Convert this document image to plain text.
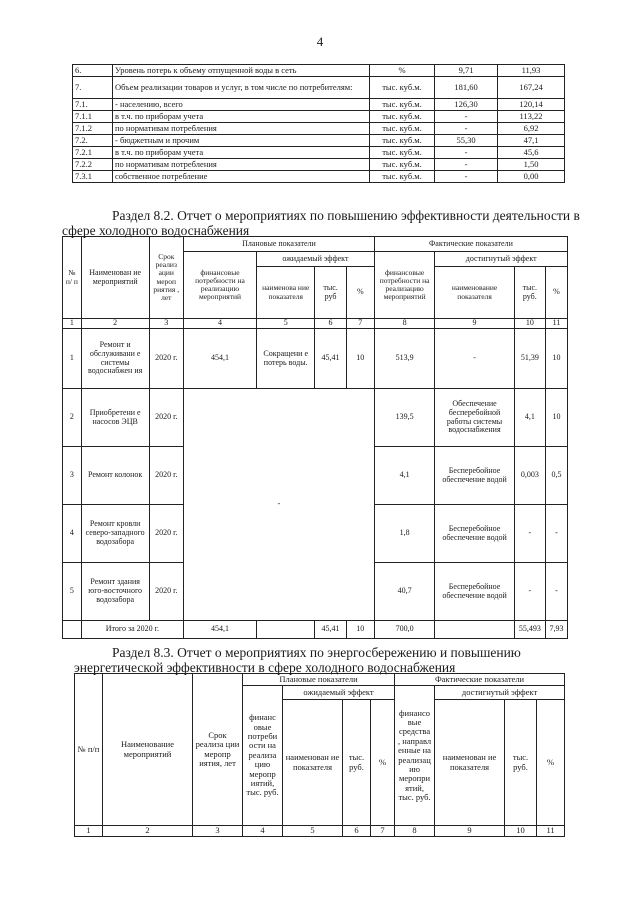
4
6.	Уровень потерь к объему отпущенной воды в сеть	%	9,71	11,93
7.	Объем реализации товаров и услуг, в том числе по потребителям:	тыс. куб.м.	181,60	167,24
7.1.	- населению, всего	тыс. куб.м.	126,30	120,14
7.1.1	в т.ч. по приборам учета	тыс. куб.м.	-	113,22
7.1.2	по нормативам потребления	тыс. куб.м.	-	6,92
7.2.	- бюджетным и прочим	тыс. куб.м.	55,30	47,1
7.2.1	в т.ч. по приборам учета	тыс. куб.м.	-	45,6
7.2.2	по нормативам потребления	тыс. куб.м.	-	1,50
7.3.1	собственное потребление	тыс. куб.м.	-	0,00
Раздел 8.2. Отчет о мероприятиях по повышению эффективности деятельности в
сфере холодного водоснабжения
№ п/ п	Наименован ие мероприятий	Срок реализ ации мероп риятия , лет	Плановые показатели				Фактические показатели			
			финансовые потребности на реализацию мероприятий	ожидаемый эффект			финансовые потребности на реализацию мероприятий	достигнутый эффект		
				наименова ние показателя	тыс. руб	%		наименование показателя	тыс. руб.	%
1	2	3	4	5	6	7	8	9	10	11
1	Ремонт и обслуживани е системы водоснабжен ия	2020 г.	454,1	Сокращени е потерь воды.	45,41	10	513,9	-	51,39	10
2	Приобретени е насосов ЭЦВ	2020 г.	-				139,5	Обеспечение бесперебойной работы системы водоснабжения	4,1	10
3	Ремонт колонок	2020 г.					4,1	Бесперебойное обеспечение водой	0,003	0,5
4	Ремонт кровли северо-западного водозабора	2020 г.					1,8	Бесперебойное обеспечение водой	-	-
5	Ремонт здания юго-восточного водозабора	2020 г.					40,7	Бесперебойное обеспечение водой	-	-
	Итого за 2020 г.		454,1		45,41	10	700,0		55,493	7,93
Раздел 8.3. Отчет о мероприятиях по энергосбережению и повышению
энергетической эффективности в сфере холодного водоснабжения
№ п/п	Наименование мероприятий	Срок реализа ции меропр иятия, лет	Плановые показатели				Фактические показатели			
			финанс овые потреби ости на реализа цию меропр иятий, тыс. руб.	ожидаемый эффект			финансо вые средства , направл енные на реализац ию меропри ятий, тыс. руб.	достигнутый эффект		
				наименован ие показателя	тыс. руб.	%		наименован ие показателя	тыс. руб.	%
1	2	3	4	5	6	7	8	9	10	11
